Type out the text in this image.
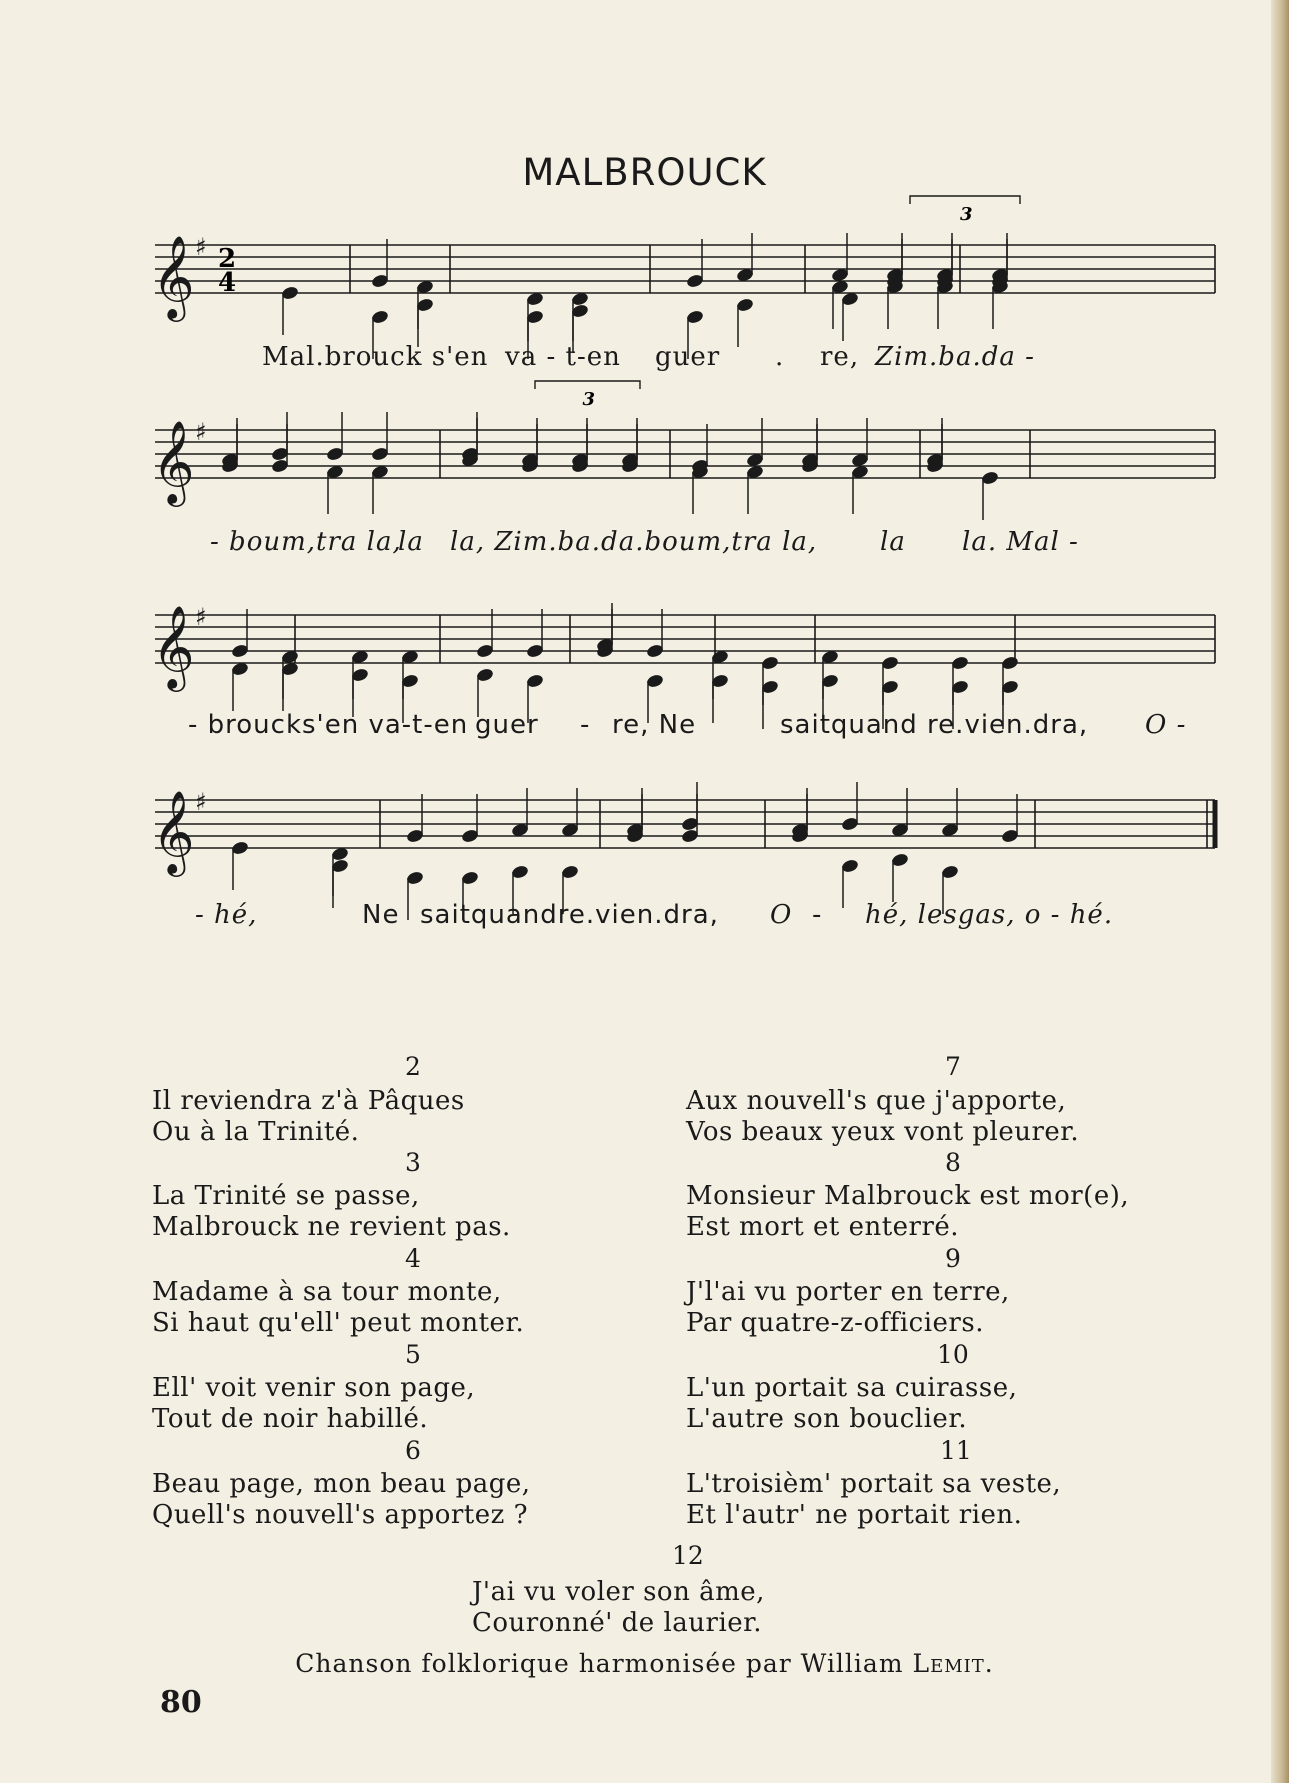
MALBROUCK
𝄞 ♯ 2
4
3
Mal.brouck s'en va - t-en guer . re, Zim.ba.da -
𝄞 ♯
3
- boum,tra la,
la la, Zim.ba.da.boum,tra la, la la. Mal -
𝄞 ♯
- broucks'en va-t-en guer - re, Ne	saitquand re.vien.dra, O -
𝄞 ♯
- hé,	Ne saitquandre.vien.dra, O - hé, lesgas, o - hé.
2
Il reviendra z'à Pâques
Ou à la Trinité.
3
La Trinité se passe,
Malbrouck ne revient pas.
4
Madame à sa tour monte,
Si haut qu'ell' peut monter.
5
Ell' voit venir son page,
Tout de noir habillé.
6
Beau page, mon beau page,
Quell's nouvell's apportez ?
7
Aux nouvell's que j'apporte,
Vos beaux yeux vont pleurer.
8
Monsieur Malbrouck est mor(e),
Est mort et enterré.
9
J'l'ai vu porter en terre,
Par quatre-z-officiers.
10
L'un portait sa cuirasse,
L'autre son bouclier.
11
L'troisièm' portait sa veste,
Et l'autr' ne portait rien.
12
J'ai vu voler son âme,
Couronné' de laurier.
Chanson folklorique harmonisée par William Lemit.
80
